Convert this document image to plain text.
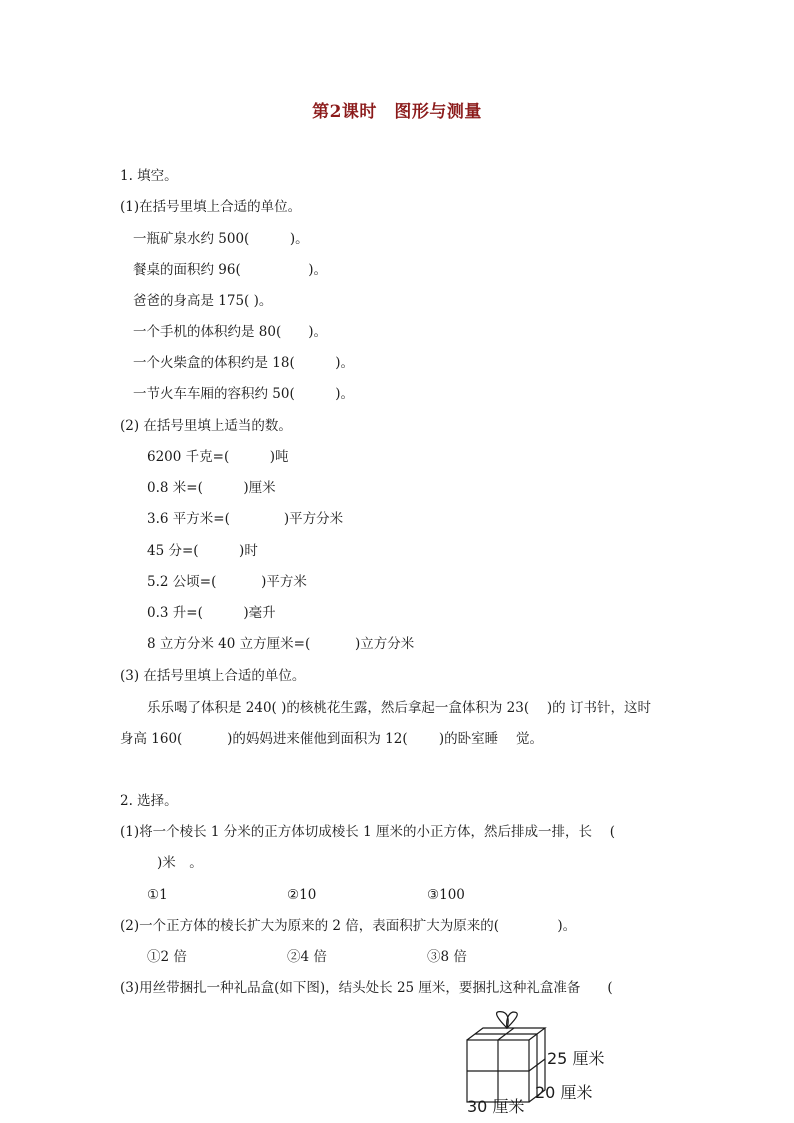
第2课时　图形与测量
1. 填空。
(1)在括号里填上合适的单位。
一瓶矿泉水约 500(　　　)。
餐桌的面积约 96(　　　　　)。
爸爸的身高是 175( )。
一个手机的体积约是 80(　　)。
一个火柴盒的体积约是 18(　　　)。
一节火车车厢的容积约 50(　　　)。
(2) 在括号里填上适当的数。
6200 千克=(　　　)吨
0.8 米=(　　　)厘米
3.6 平方米=(　　　　)平方分米
45 分=(　　　)时
5.2 公顷=(　　　 )平方米
0.3 升=(　　　)毫升
8 立方分米 40 立方厘米=(　　　 )立方分米
(3) 在括号里填上合适的单位。
乐乐喝了体积是 240( )的核桃花生露，然后拿起一盒体积为 23(　 )的 订书针，这时
身高 160(　　　 )的妈妈进来催他到面积为 12(　　 )的卧室睡　 觉。
2. 选择。
(1)将一个棱长 1 分米的正方体切成棱长 1 厘米的小正方体，然后排成一排，长　 (
)米　。
①1	②10	③100
(2)一个正方体的棱长扩大为原来的 2 倍，表面积扩大为原来的(　　　　 )。
①2 倍	②4 倍	③8 倍
(3)用丝带捆扎一种礼品盒(如下图)，结头处长 25 厘米，要捆扎这种礼盒准备　　(
25 厘米
20 厘米
30 厘米
